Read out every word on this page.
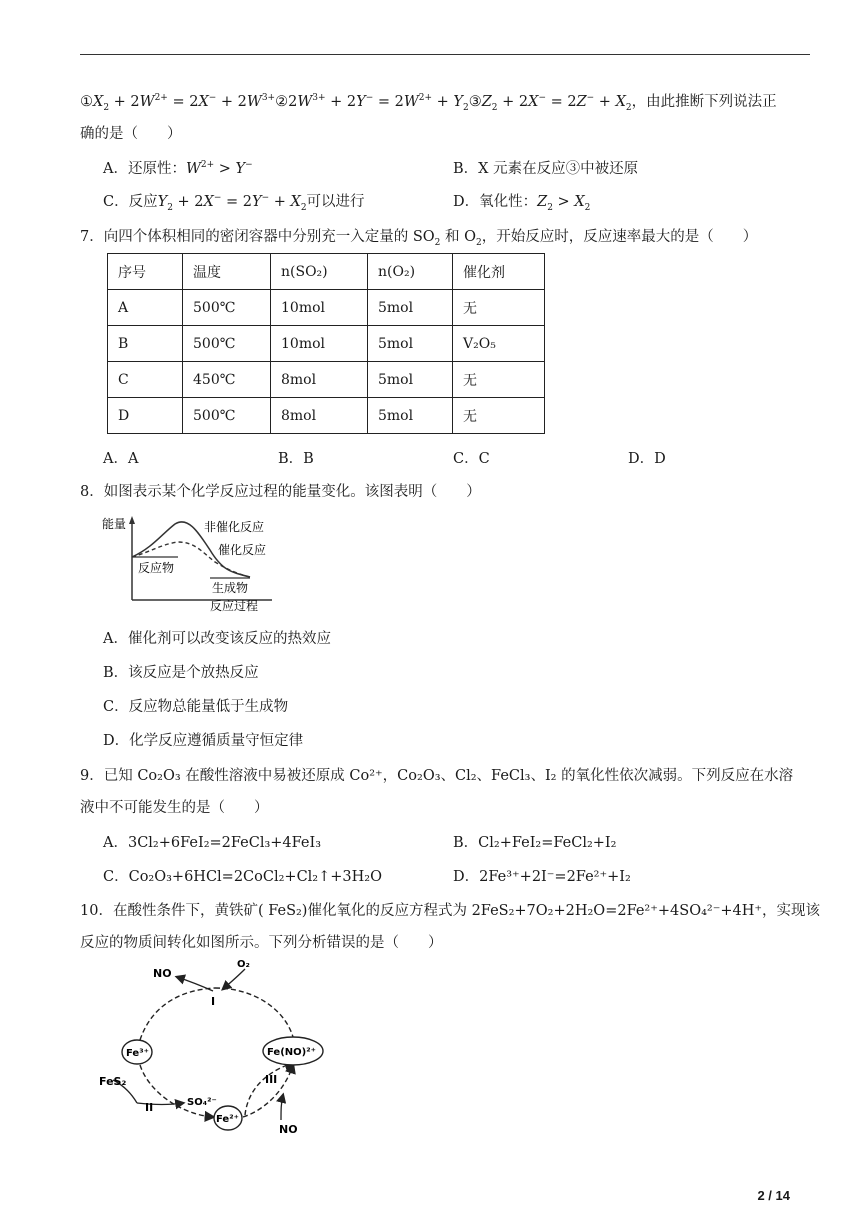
$①X_2 + 2W^{2+} = 2X^-$ + $2W^{3+}②2W^{3+} + 2Y^- = 2W^{2+}$ + $Y_2③Z_2 + 2X^- = 2Z^- + X_2$，由此推断下列说法正
确的是（　　）
A．还原性：$W^{2+} > Y^-$	B．X 元素在反应③中被还原
C．反应$Y_2 + 2X^- = 2Y^- + X_2$可以进行	D．氧化性：$Z_2 > X_2$
7．向四个体积相同的密闭容器中分别充一入定量的 $SO_2$ 和 $O_2$，开始反应时，反应速率最大的是（　　）
序号	温度	n(SO₂)	n(O₂)	催化剂
A	500℃	10mol	5mol	无
B	500℃	10mol	5mol	V₂O₅
C	450℃	8mol	5mol	无
D	500℃	8mol	5mol	无
A．A	B．B	C．C	D．D
8．如图表示某个化学反应过程的能量变化。该图表明（　　）
能量	非催化反应
催化反应
反应物
生成物
反应过程
A．催化剂可以改变该反应的热效应
B．该反应是个放热反应
C．反应物总能量低于生成物
D．化学反应遵循质量守恒定律
9．已知 Co₂O₃ 在酸性溶液中易被还原成 Co²⁺，Co₂O₃、Cl₂、FeCl₃、I₂ 的氧化性依次减弱。下列反应在水溶
液中不可能发生的是（　　）
A．3Cl₂+6FeI₂=2FeCl₃+4FeI₃	B．Cl₂+FeI₂=FeCl₂+I₂
C．Co₂O₃+6HCl=2CoCl₂+Cl₂↑+3H₂O	D．2Fe³⁺+2I⁻=2Fe²⁺+I₂
10．在酸性条件下，黄铁矿( FeS₂)催化氧化的反应方程式为 2FeS₂+7O₂+2H₂O=2Fe²⁺+4SO₄²⁻+4H⁺，实现该
反应的物质间转化如图所示。下列分析错误的是（　　）
NO
O₂
I
Fe³⁺	Fe(NO)²⁺
FeS₂
SO₄²⁻
II
Fe²⁺
III
NO
2 / 14
